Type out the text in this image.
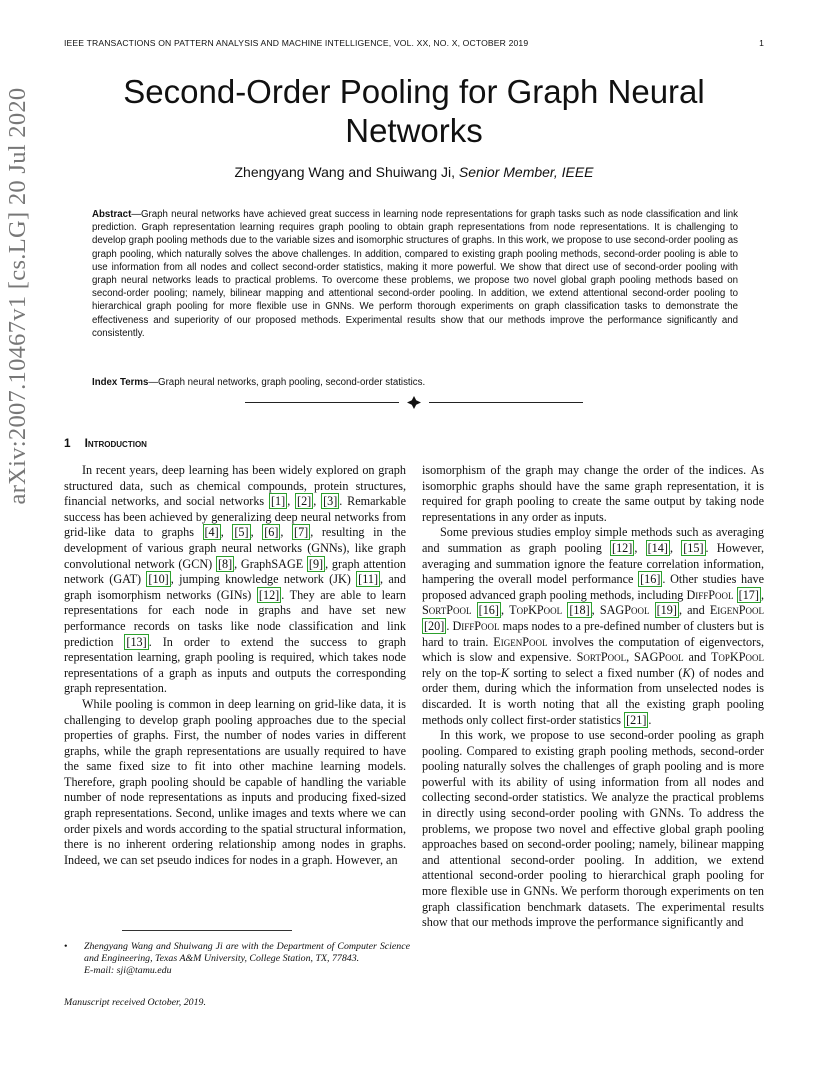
IEEE TRANSACTIONS ON PATTERN ANALYSIS AND MACHINE INTELLIGENCE, VOL. XX, NO. X, OCTOBER 2019	1
Second-Order Pooling for Graph Neural Networks
Zhengyang Wang and Shuiwang Ji, Senior Member, IEEE

Abstract—Graph neural networks have achieved great success in learning node representations for graph tasks such as node classification and link prediction. Graph representation learning requires graph pooling to obtain graph representations from node representations. It is challenging to develop graph pooling methods due to the variable sizes and isomorphic structures of graphs. In this work, we propose to use second-order pooling as graph pooling, which naturally solves the above challenges. In addition, compared to existing graph pooling methods, second-order pooling is able to use information from all nodes and collect second-order statistics, making it more powerful. We show that direct use of second-order pooling with graph neural networks leads to practical problems. To overcome these problems, we propose two novel global graph pooling methods based on second-order pooling; namely, bilinear mapping and attentional second-order pooling. In addition, we extend attentional second-order pooling to hierarchical graph pooling for more flexible use in GNNs. We perform thorough experiments on graph classification tasks to demonstrate the effectiveness and superiority of our proposed methods. Experimental results show that our methods improve the performance significantly and consistently.

Index Terms—Graph neural networks, graph pooling, second-order statistics.

arXiv:2007.10467v1 [cs.LG] 20 Jul 2020	1 Introduction

In recent years, deep learning has been widely explored on graph structured data, such as chemical compounds, protein structures, financial networks, and social networks [1] , [2] , [3] . Remarkable success has been achieved by generalizing deep neural networks from grid-like data to graphs [4] , [5] , [6] , [7] , resulting in the development of various graph neural networks (GNNs), like graph convolutional network (GCN) [8] , GraphSAGE [9] , graph attention network (GAT) [10] , jumping knowledge network (JK) [11] , and graph isomorphism networks (GINs) [12] . They are able to learn representations for each node in graphs and have set new performance records on tasks like node classification and link prediction [13] . In order to extend the success to graph representation learning, graph pooling is required, which takes node representations of a graph as inputs and outputs the corresponding graph representation.

While pooling is common in deep learning on grid-like data, it is challenging to develop graph pooling approaches due to the special properties of graphs. First, the number of nodes varies in different graphs, while the graph representations are usually required to have the same fixed size to fit into other machine learning models. Therefore, graph pooling should be capable of handling the variable number of node representations as inputs and producing fixed-sized graph representations. Second, unlike images and texts where we can order pixels and words according to the spatial structural information, there is no inherent ordering relationship among nodes in graphs. Indeed, we can set pseudo indices for nodes in a graph. However, an

isomorphism of the graph may change the order of the indices. As isomorphic graphs should have the same graph representation, it is required for graph pooling to create the same output by taking node representations in any order as inputs.

Some previous studies employ simple methods such as averaging and summation as graph pooling [12] , [14] , [15] . However, averaging and summation ignore the feature correlation information, hampering the overall model performance [16] . Other studies have proposed advanced graph pooling methods, including DiffPool [17] , SortPool [16] , TopKPool [18] , SAGPool [19] , and EigenPool [20] . DiffPool maps nodes to a pre-defined number of clusters but is hard to train. EigenPool involves the computation of eigenvectors, which is slow and expensive. SortPool, SAGPool and TopKPool rely on the top-K sorting to select a fixed number (K) of nodes and order them, during which the information from unselected nodes is discarded. It is worth noting that all the existing graph pooling methods only collect first-order statistics [21] .

In this work, we propose to use second-order pooling as graph pooling. Compared to existing graph pooling methods, second-order pooling naturally solves the challenges of graph pooling and is more powerful with its ability of using information from all nodes and collecting second-order statistics. We analyze the practical problems in directly using second-order pooling with GNNs. To address the problems, we propose two novel and effective global graph pooling approaches based on second-order pooling; namely, bilinear mapping and attentional second-order pooling. In addition, we extend attentional second-order pooling to hierarchical graph pooling for more flexible use in GNNs. We perform thorough experiments on ten graph classification benchmark datasets. The experimental results show that our methods improve the performance significantly and

• Zhengyang Wang and Shuiwang Ji are with the Department of Computer Science and Engineering, Texas A&M University, College Station, TX, 77843.
E-mail: sji@tamu.edu
Manuscript received October, 2019.
